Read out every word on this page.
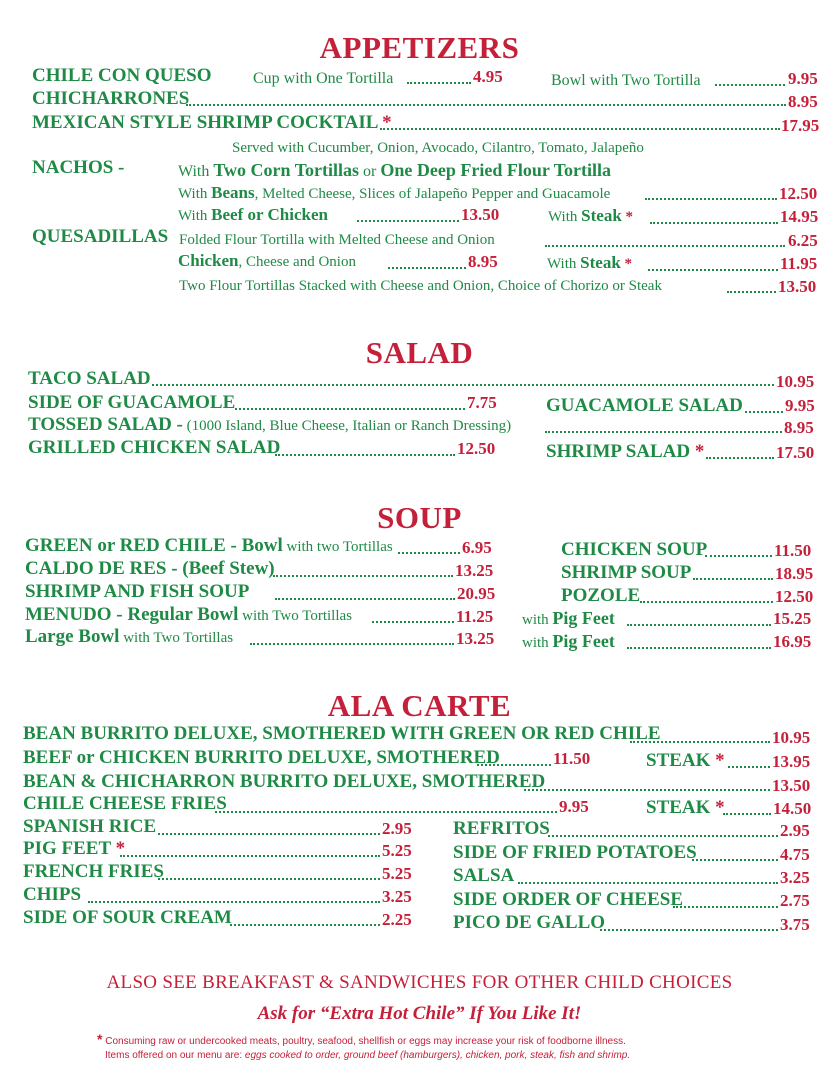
APPETIZERS
CHILE CON QUESO	Cup with One Tortilla	4.95	Bowl with Two Tortilla	9.95
CHICHARRONES	8.95
MEXICAN STYLE SHRIMP COCKTAIL *	17.95
Served with Cucumber, Onion, Avocado, Cilantro, Tomato, Jalapeño
NACHOS -	With Two Corn Tortillas or One Deep Fried Flour Tortilla
With Beans, Melted Cheese, Slices of Jalapeño Pepper and Guacamole	12.50
With Beef or Chicken	13.50	With Steak *	14.95
QUESADILLAS Folded Flour Tortilla with Melted Cheese and Onion	6.25
Chicken, Cheese and Onion	8.95	With Steak *	11.95
Two Flour Tortillas Stacked with Cheese and Onion, Choice of Chorizo or Steak	13.50
SALAD
TACO SALAD	10.95
SIDE OF GUACAMOLE	7.75	GUACAMOLE SALAD 9.95
TOSSED SALAD - (1000 Island, Blue Cheese, Italian or Ranch Dressing)	8.95
GRILLED CHICKEN SALAD	12.50	SHRIMP SALAD *	17.50
SOUP
GREEN or RED CHILE - Bowl with two Tortillas	6.95
CALDO DE RES - (Beef Stew)	13.25
SHRIMP AND FISH SOUP	20.95
MENUDO - Regular Bowl with Two Tortillas	11.25
Large Bowl with Two Tortillas	13.25
CHICKEN SOUP	11.50
SHRIMP SOUP	18.95
POZOLE	12.50
with Pig Feet	15.25
with Pig Feet	16.95
ALA CARTE
BEAN BURRITO DELUXE, SMOTHERED WITH GREEN OR RED CHILE	10.95
BEEF or CHICKEN BURRITO DELUXE, SMOTHERED	11.50	STEAK *	13.95
BEAN & CHICHARRON BURRITO DELUXE, SMOTHERED	13.50
CHILE CHEESE FRIES	9.95	STEAK *	14.50
SPANISH RICE	2.95
PIG FEET *	5.25
FRENCH FRIES	5.25
CHIPS	3.25
SIDE OF SOUR CREAM	2.25
REFRITOS	2.95
SIDE OF FRIED POTATOES	4.75
SALSA	3.25
SIDE ORDER OF CHEESE	2.75
PICO DE GALLO	3.75
ALSO SEE BREAKFAST & SANDWICHES FOR OTHER CHILD CHOICES
Ask for “Extra Hot Chile” If You Like It!
* Consuming raw or undercooked meats, poultry, seafood, shellfish or eggs may increase your risk of foodborne illness.
Items offered on our menu are: eggs cooked to order, ground beef (hamburgers), chicken, pork, steak, fish and shrimp.
